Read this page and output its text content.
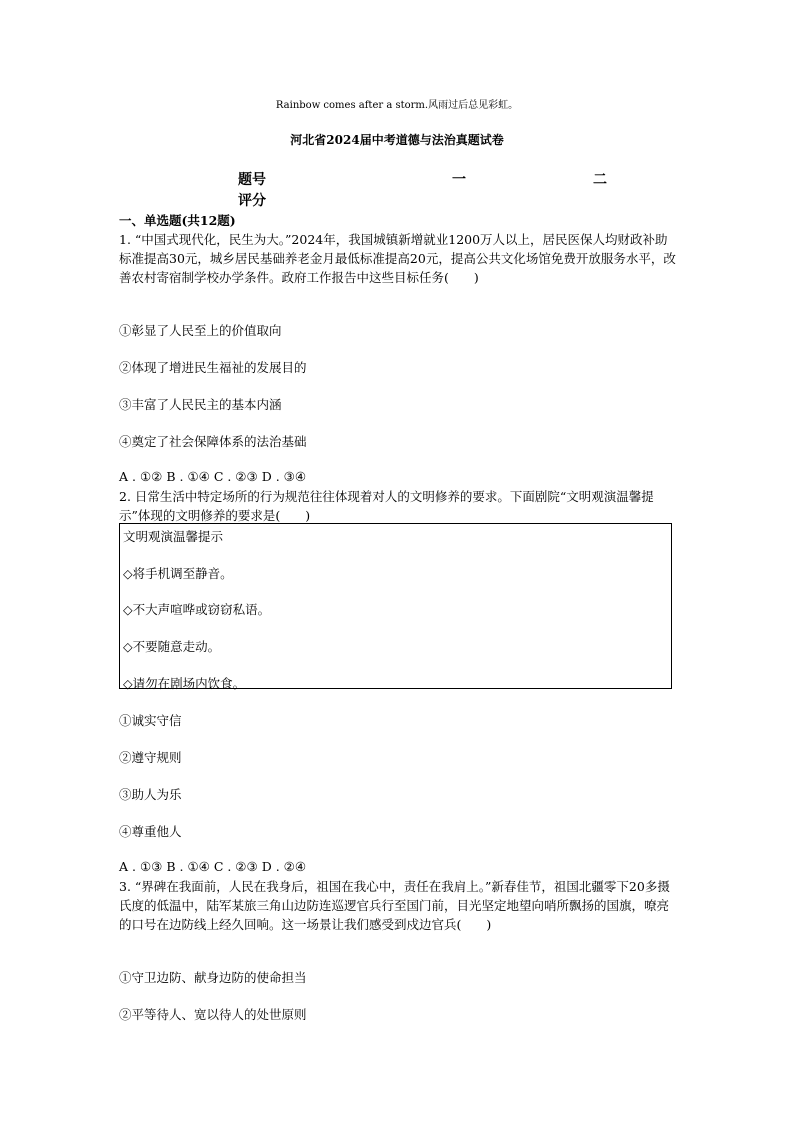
Rainbow comes after a storm.风雨过后总见彩虹。
河北省2024届中考道德与法治真题试卷
题号	一	二
评分
一、单选题(共12题)
1. “中国式现代化，民生为大。”2024年，我国城镇新增就业1200万人以上，居民医保人均财政补助标准提高30元，城乡居民基础养老金月最低标准提高20元，提高公共文化场馆免费开放服务水平，改善农村寄宿制学校办学条件。政府工作报告中这些目标任务(　　)
①彰显了人民至上的价值取向
②体现了增进民生福祉的发展目的
③丰富了人民民主的基本内涵
④奠定了社会保障体系的法治基础
A . ①② B . ①④ C . ②③ D . ③④
2. 日常生活中特定场所的行为规范往往体现着对人的文明修养的要求。下面剧院“文明观演温馨提示”体现的文明修养的要求是(　　)
文明观演温馨提示
◇将手机调至静音。
◇不大声喧哗或窃窃私语。
◇不要随意走动。
◇请勿在剧场内饮食。
①诚实守信
②遵守规则
③助人为乐
④尊重他人
A . ①③ B . ①④ C . ②③ D . ②④
3. “界碑在我面前，人民在我身后，祖国在我心中，责任在我肩上。”新春佳节，祖国北疆零下20多摄氏度的低温中，陆军某旅三角山边防连巡逻官兵行至国门前，目光坚定地望向哨所飘扬的国旗，嘹亮的口号在边防线上经久回响。这一场景让我们感受到戍边官兵(　　)
①守卫边防、献身边防的使命担当
②平等待人、宽以待人的处世原则
